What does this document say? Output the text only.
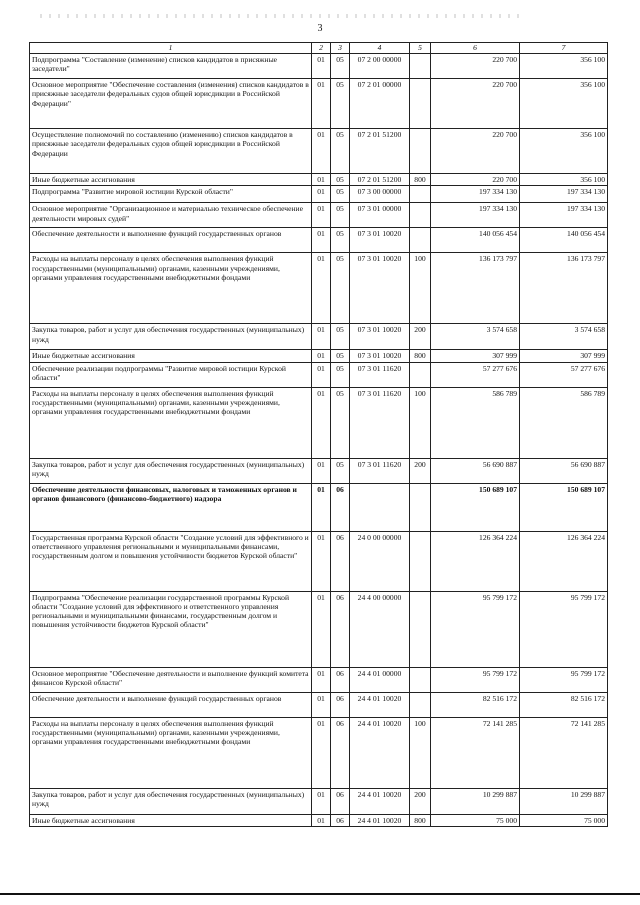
3
1	2	3	4	5	6	7
Подпрограмма "Составление (изменение) списков кандидатов в присяжные заседатели"	01	05	07 2 00 00000		220 700	356 100
Основное мероприятие "Обеспечение составления (изменения) списков кандидатов в присяжные заседатели федеральных судов общей юрисдикции в Российской Федерации"	01	05	07 2 01 00000		220 700	356 100
Осуществление полномочий по составлению (изменению) списков кандидатов в присяжные заседатели федеральных судов общей юрисдикции в Российской Федерации	01	05	07 2 01 51200		220 700	356 100
Иные бюджетные ассигнования	01	05	07 2 01 51200	800	220 700	356 100
Подпрограмма "Развитие мировой юстиции Курской области"	01	05	07 3 00 00000		197 334 130	197 334 130
Основное мероприятие "Организационное и материально техническое обеспечение деятельности мировых судей"	01	05	07 3 01 00000		197 334 130	197 334 130
Обеспечение деятельности и выполнение функций государственных органов	01	05	07 3 01 10020		140 056 454	140 056 454
Расходы на выплаты персоналу в целях обеспечения выполнения функций государственными (муниципальными) органами, казенными учреждениями, органами управления государственными внебюджетными фондами	01	05	07 3 01 10020	100	136 173 797	136 173 797
Закупка товаров, работ и услуг для обеспечения государственных (муниципальных) нужд	01	05	07 3 01 10020	200	3 574 658	3 574 658
Иные бюджетные ассигнования	01	05	07 3 01 10020	800	307 999	307 999
Обеспечение реализации подпрограммы "Развитие мировой юстиции Курской области"	01	05	07 3 01 11620		57 277 676	57 277 676
Расходы на выплаты персоналу в целях обеспечения выполнения функций государственными (муниципальными) органами, казенными учреждениями, органами управления государственными внебюджетными фондами	01	05	07 3 01 11620	100	586 789	586 789
Закупка товаров, работ и услуг для обеспечения государственных (муниципальных) нужд	01	05	07 3 01 11620	200	56 690 887	56 690 887
Обеспечение деятельности финансовых, налоговых и таможенных органов и органов финансового (финансово-бюджетного) надзора	01	06			150 689 107	150 689 107
Государственная программа Курской области "Создание условий для эффективного и ответственного управления региональными и муниципальными финансами, государственным долгом и повышения устойчивости бюджетов Курской области"	01	06	24 0 00 00000		126 364 224	126 364 224
Подпрограмма "Обеспечение реализации государственной программы Курской области "Создание условий для эффективного и ответственного управления региональными и муниципальными финансами, государственным долгом и повышения устойчивости бюджетов Курской области"	01	06	24 4 00 00000		95 799 172	95 799 172
Основное мероприятие "Обеспечение деятельности и выполнение функций комитета финансов Курской области"	01	06	24 4 01 00000		95 799 172	95 799 172
Обеспечение деятельности и выполнение функций государственных органов	01	06	24 4 01 10020		82 516 172	82 516 172
Расходы на выплаты персоналу в целях обеспечения выполнения функций государственными (муниципальными) органами, казенными учреждениями, органами управления государственными внебюджетными фондами	01	06	24 4 01 10020	100	72 141 285	72 141 285
Закупка товаров, работ и услуг для обеспечения государственных (муниципальных) нужд	01	06	24 4 01 10020	200	10 299 887	10 299 887
Иные бюджетные ассигнования	01	06	24 4 01 10020	800	75 000	75 000
